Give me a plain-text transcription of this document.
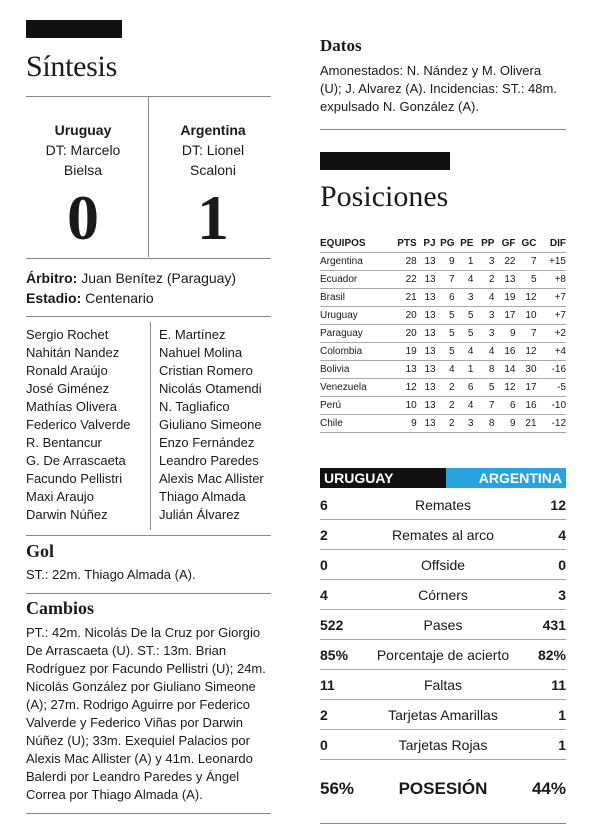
Síntesis
Uruguay
DT: Marcelo Bielsa
0
Argentina
DT: Lionel Scaloni
1
Árbitro: Juan Benítez (Paraguay)
Estadio: Centenario
Sergio Rochet
Nahitán Nandez
Ronald Araújo
José Giménez
Mathías Olivera
Federico Valverde
R. Bentancur
G. De Arrascaeta
Facundo Pellistri
Maxi Araujo
Darwin Núñez
E. Martínez
Nahuel Molina
Cristian Romero
Nicolás Otamendi
N. Tagliafico
Giuliano Simeone
Enzo Fernández
Leandro Paredes
Alexis Mac Allister
Thiago Almada
Julián Álvarez
Gol
ST.: 22m. Thiago Almada (A).
Cambios
PT.: 42m. Nicolás De la Cruz por Giorgio De Arrascaeta (U). ST.: 13m. Brian Rodríguez por Facundo Pellistri (U); 24m. Nicolás González por Giuliano Simeone (A); 27m. Rodrigo Aguirre por Federico Valverde y Federico Viñas por Darwin Núñez (U); 33m. Exequiel Palacios por Alexis Mac Allister (A) y 41m. Leonardo Balerdi por Leandro Paredes y Ángel Correa por Thiago Almada (A).
Datos
Amonestados: N. Nández y M. Olivera (U); J. Alvarez (A). Incidencias: ST.: 48m. expulsado N. González (A).
Posiciones
EQUIPOS	PTS	PJ	PG	PE	PP	GF	GC	DIF
Argentina	28	13	9	1	3	22	7	+15
Ecuador	22	13	7	4	2	13	5	+8
Brasil	21	13	6	3	4	19	12	+7
Uruguay	20	13	5	5	3	17	10	+7
Paraguay	20	13	5	5	3	9	7	+2
Colombia	19	13	5	4	4	16	12	+4
Bolivia	13	13	4	1	8	14	30	-16
Venezuela	12	13	2	6	5	12	17	-5
Perú	10	13	2	4	7	6	16	-10
Chile	9	13	2	3	8	9	21	-12
URUGUAY	ARGENTINA
6	Remates	12
2	Remates al arco	4
0	Offside	0
4	Córners	3
522	Pases	431
85%	Porcentaje de acierto	82%
11	Faltas	11
2	Tarjetas Amarillas	1
0	Tarjetas Rojas	1
56%	POSESIÓN	44%
